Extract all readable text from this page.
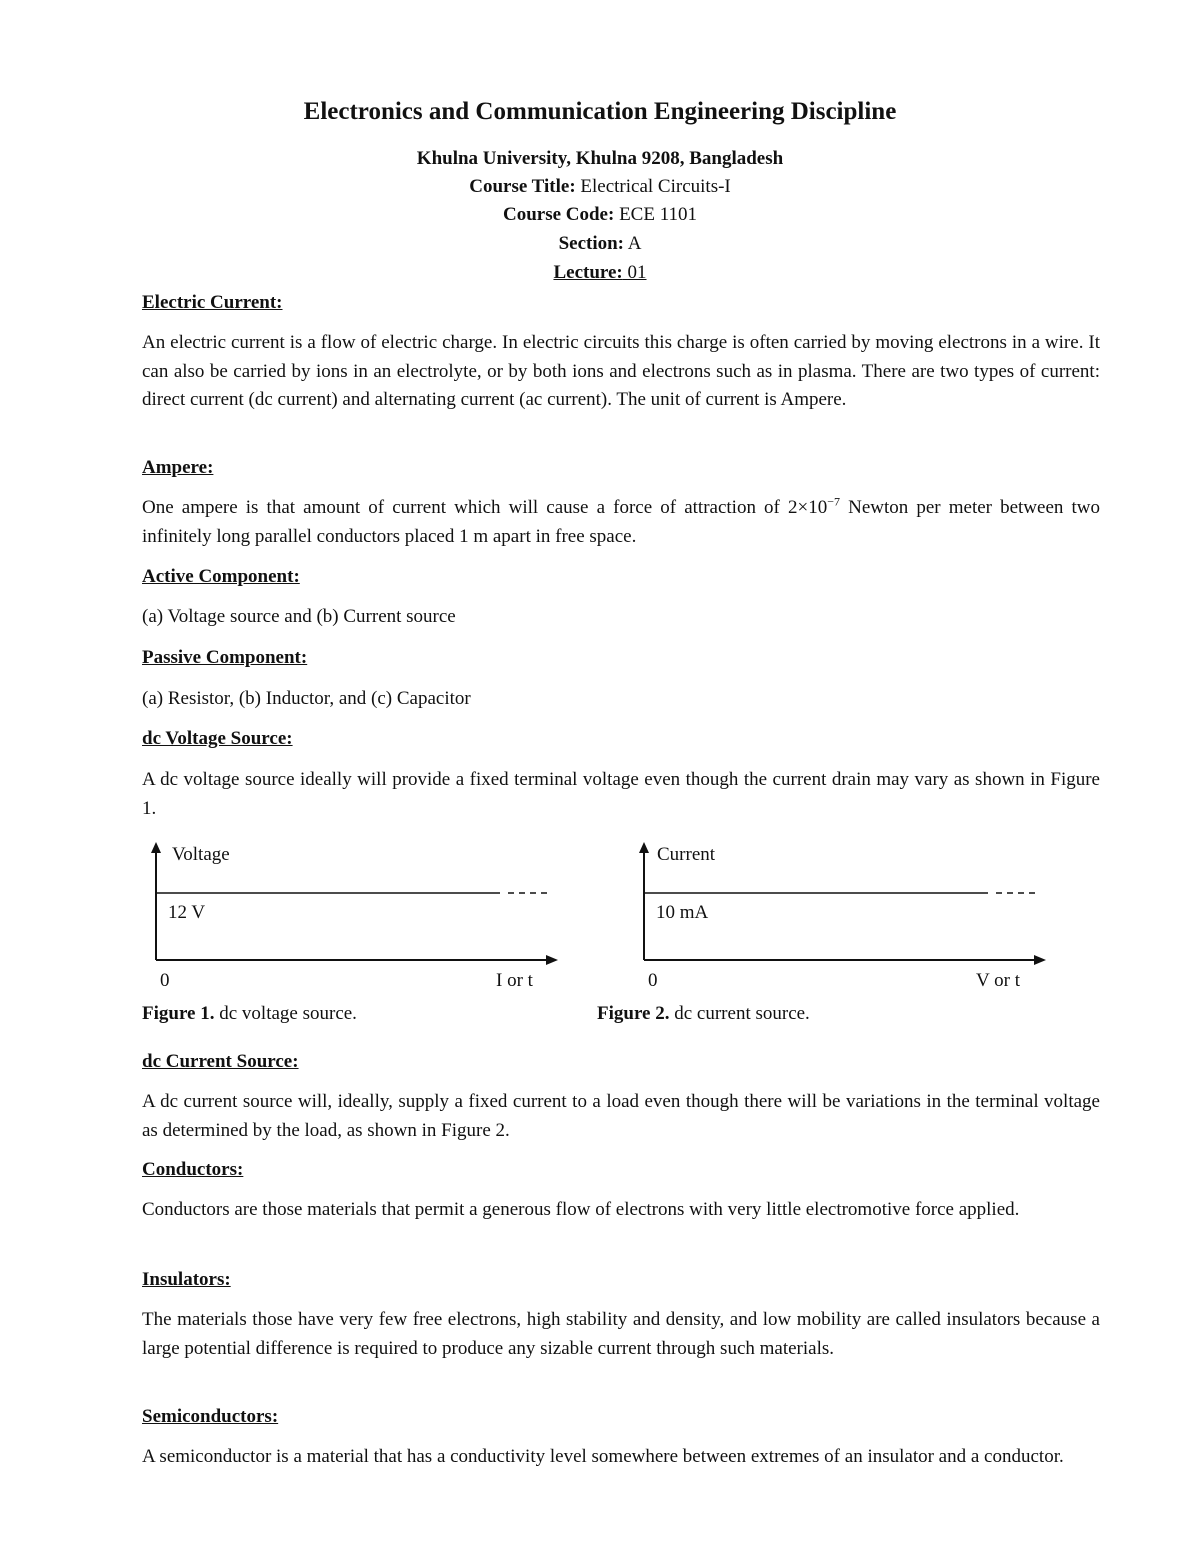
Electronics and Communication Engineering Discipline
Khulna University, Khulna 9208, Bangladesh
Course Title: Electrical Circuits-I
Course Code: ECE 1101
Section: A
Lecture: 01
Electric Current:
An electric current is a flow of electric charge. In electric circuits this charge is often carried by moving electrons in a wire. It can also be carried by ions in an electrolyte, or by both ions and electrons such as in plasma. There are two types of current: direct current (dc current) and alternating current (ac current). The unit of current is Ampere.
Ampere:
One ampere is that amount of current which will cause a force of attraction of $2\times 10^{-7}$ Newton per meter between two infinitely long parallel conductors placed 1 m apart in free space.
Active Component:
(a) Voltage source and (b) Current source
Passive Component:
(a) Resistor, (b) Inductor, and (c) Capacitor
dc Voltage Source:
A dc voltage source ideally will provide a fixed terminal voltage even though the current drain may vary as shown in Figure 1.
Voltage
12 V
0	I or t
Figure 1. dc voltage source.
Current
10 mA
0	V or t
Figure 2. dc current source.
dc Current Source:
A dc current source will, ideally, supply a fixed current to a load even though there will be variations in the terminal voltage as determined by the load, as shown in Figure 2.
Conductors:
Conductors are those materials that permit a generous flow of electrons with very little electromotive force applied.
Insulators:
The materials those have very few free electrons, high stability and density, and low mobility are called insulators because a large potential difference is required to produce any sizable current through such materials.
Semiconductors:
A semiconductor is a material that has a conductivity level somewhere between extremes of an insulator and a conductor.
